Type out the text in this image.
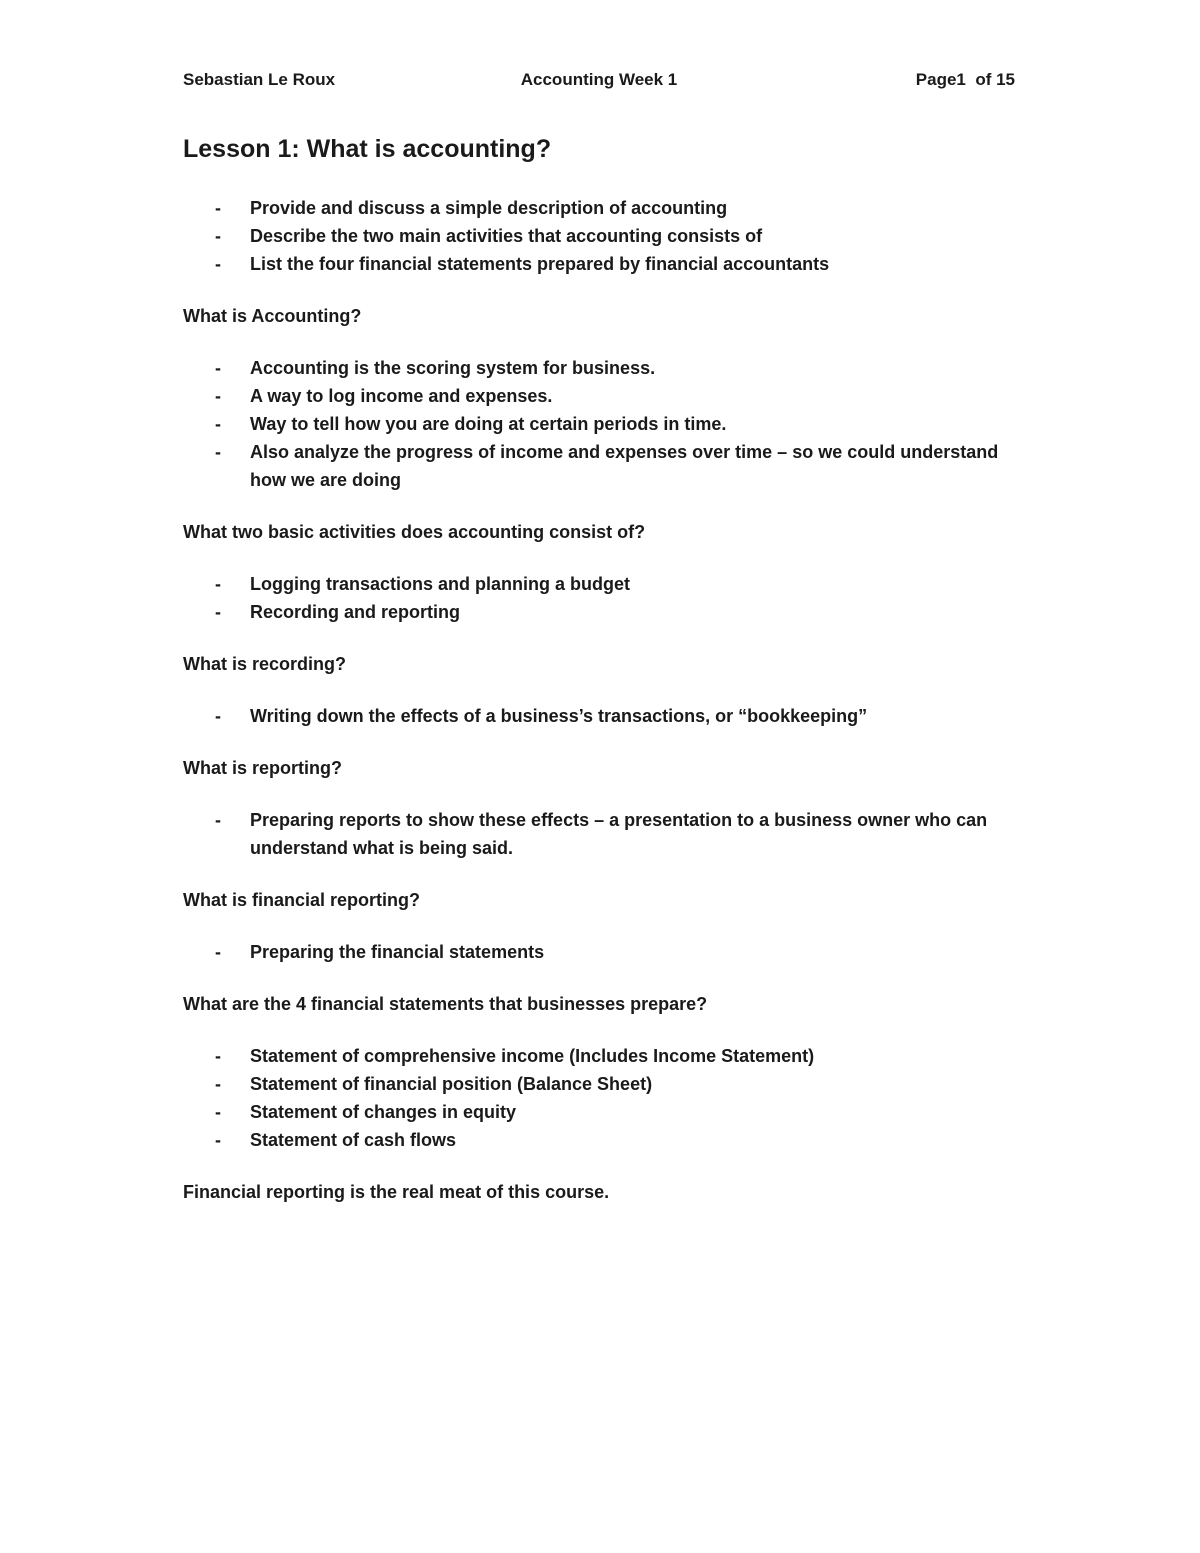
Sebastian Le Roux	Accounting Week 1	Page1  of 15
Lesson 1: What is accounting?
-	Provide and discuss a simple description of accounting
-	Describe the two main activities that accounting consists of
-	List the four financial statements prepared by financial accountants

What is Accounting?

-	Accounting is the scoring system for business.
-	A way to log income and expenses.
-	Way to tell how you are doing at certain periods in time.
-	Also analyze the progress of income and expenses over time – so we could understand how we are doing

What two basic activities does accounting consist of?

-	Logging transactions and planning a budget
-	Recording and reporting

What is recording?

-	Writing down the effects of a business’s transactions, or “bookkeeping”

What is reporting?

-	Preparing reports to show these effects – a presentation to a business owner who can understand what is being said.

What is financial reporting?

-	Preparing the financial statements

What are the 4 financial statements that businesses prepare?

-	Statement of comprehensive income (Includes Income Statement)
-	Statement of financial position (Balance Sheet)
-	Statement of changes in equity
-	Statement of cash flows

Financial reporting is the real meat of this course.
